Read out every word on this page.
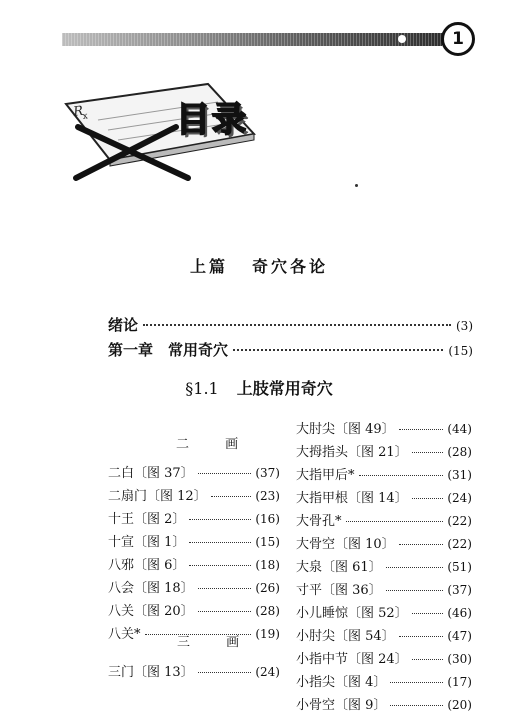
1
R
x	目录
上篇 奇穴各论
绪论	(3)
第一章　常用奇穴	(15)
§1.1 上肢常用奇穴
二 画
三 画
二白〔图 37〕	(37)
二扇门〔图 12〕	(23)
十王〔图 2〕	(16)
十宣〔图 1〕	(15)
八邪〔图 6〕	(18)
八会〔图 18〕	(26)
八关〔图 20〕	(28)
八关*	(19)
三门〔图 13〕	(24)
大肘尖〔图 49〕	(44)
大拇指头〔图 21〕	(28)
大指甲后*	(31)
大指甲根〔图 14〕	(24)
大骨孔*	(22)
大骨空〔图 10〕	(22)
大泉〔图 61〕	(51)
寸平〔图 36〕	(37)
小儿睡惊〔图 52〕	(46)
小肘尖〔图 54〕	(47)
小指中节〔图 24〕	(30)
小指尖〔图 4〕	(17)
小骨空〔图 9〕	(20)
